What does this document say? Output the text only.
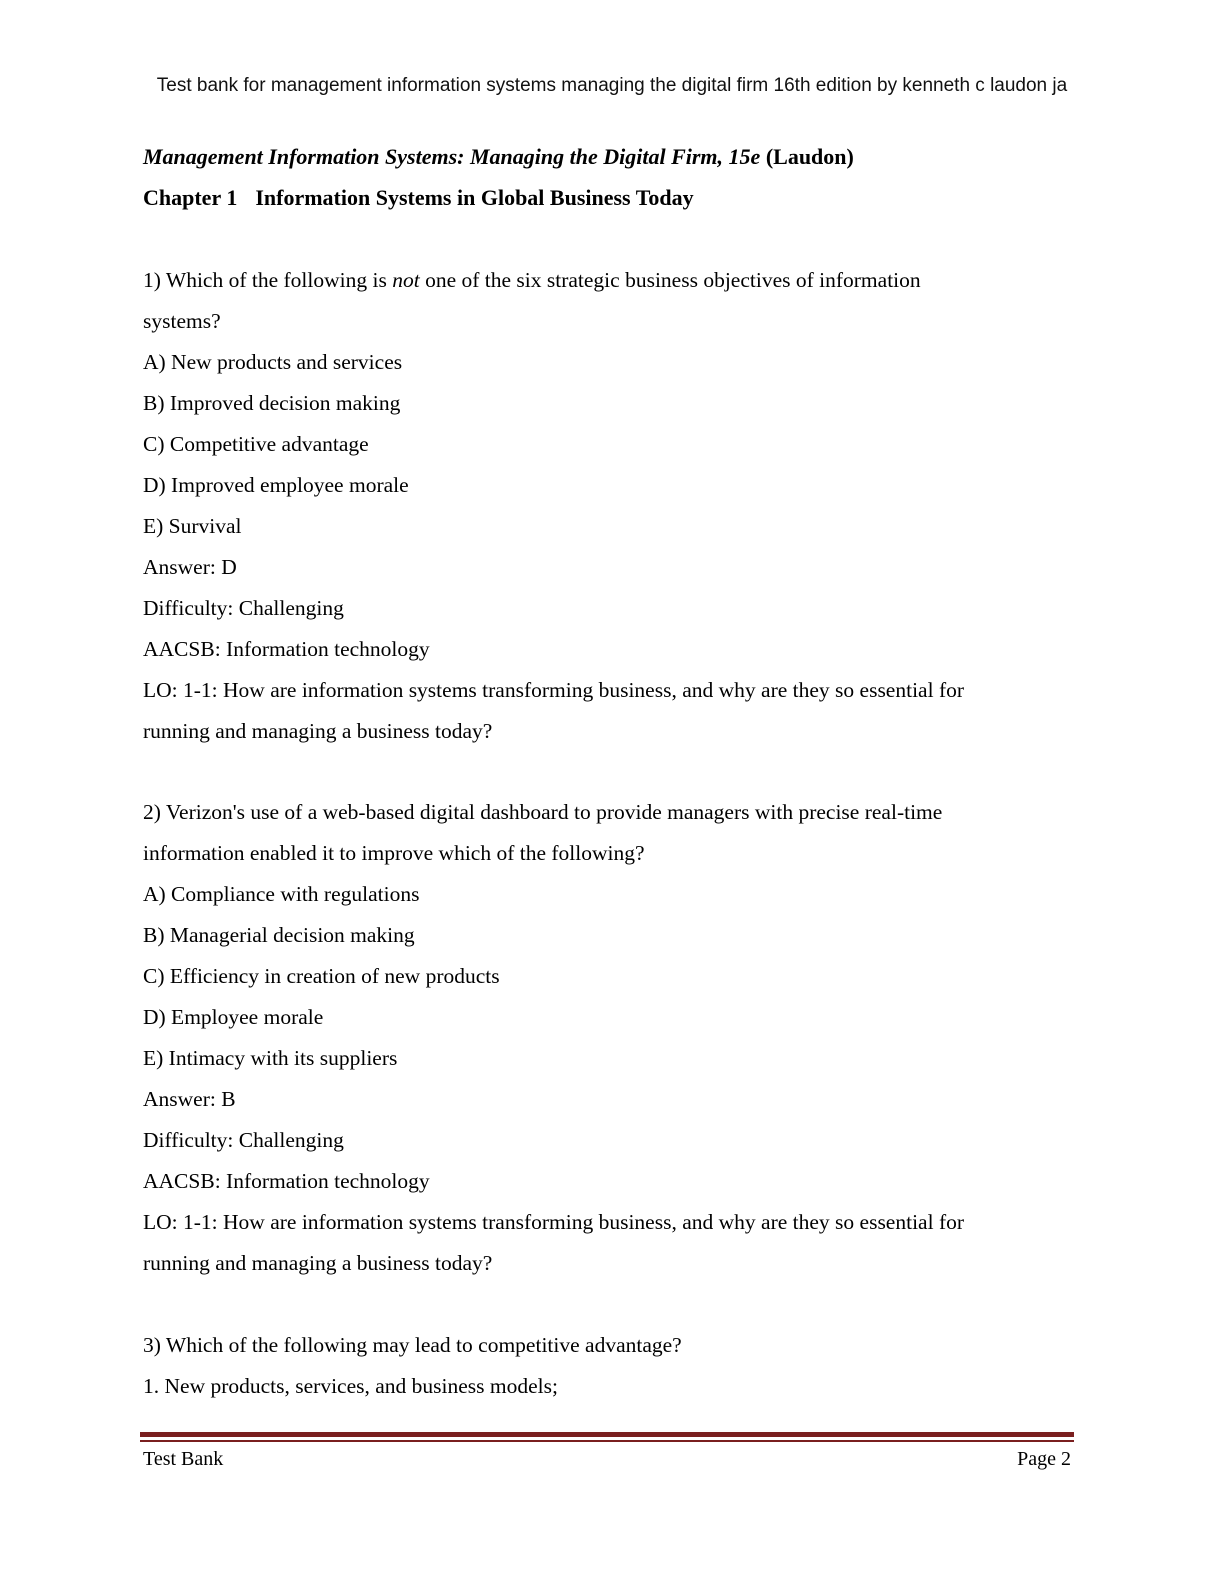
Test bank for management information systems managing the digital firm 16th edition by kenneth c laudon ja
Management Information Systems: Managing the Digital Firm, 15e (Laudon)
Chapter 1 Information Systems in Global Business Today
1) Which of the following is not one of the six strategic business objectives of information
systems?
A) New products and services
B) Improved decision making
C) Competitive advantage
D) Improved employee morale
E) Survival
Answer: D
Difficulty: Challenging
AACSB: Information technology
LO: 1-1: How are information systems transforming business, and why are they so essential for
running and managing a business today?
2) Verizon's use of a web-based digital dashboard to provide managers with precise real-time
information enabled it to improve which of the following?
A) Compliance with regulations
B) Managerial decision making
C) Efficiency in creation of new products
D) Employee morale
E) Intimacy with its suppliers
Answer: B
Difficulty: Challenging
AACSB: Information technology
LO: 1-1: How are information systems transforming business, and why are they so essential for
running and managing a business today?
3) Which of the following may lead to competitive advantage?
1. New products, services, and business models;
Test Bank	Page 2
